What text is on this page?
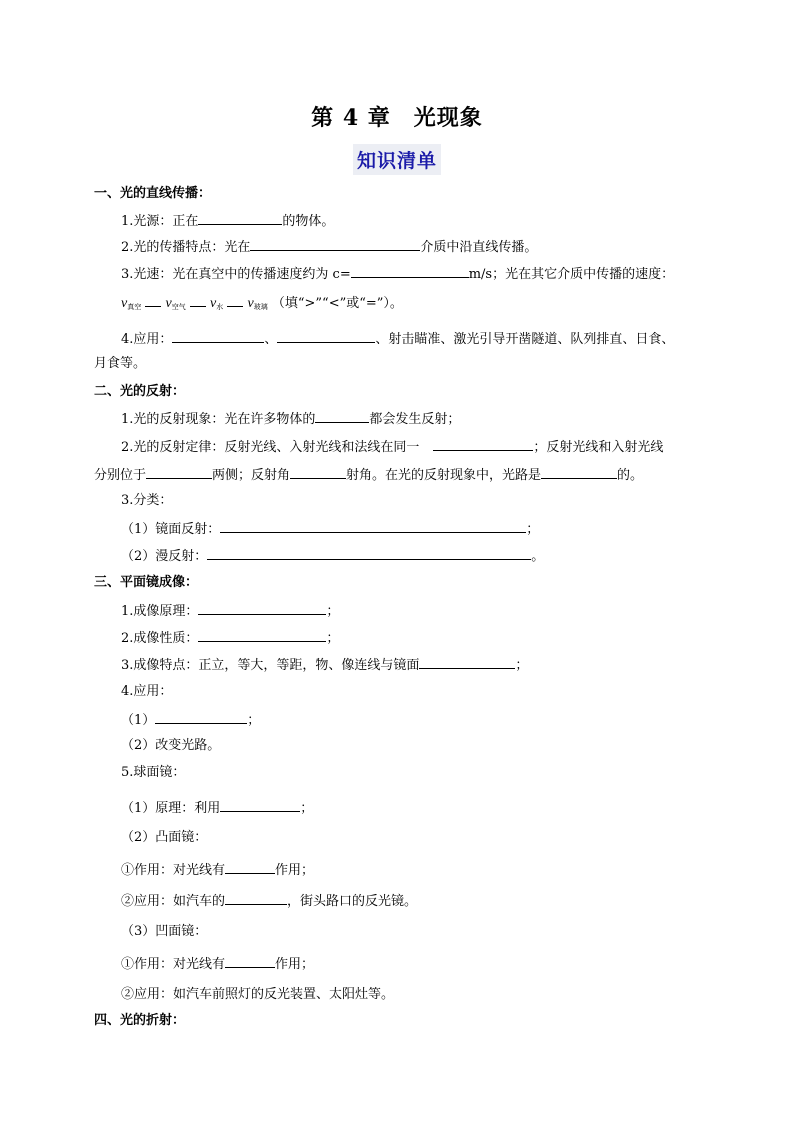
第 4 章　光现象
知识清单
一、光的直线传播：
1.光源：正在	的物体。
2.光的传播特点：光在	介质中沿直线传播。
3.光速：光在真空中的传播速度约为 c=	m/s；光在其它介质中传播的速度：
$v_{真空}$ $v_{空气}$ $v_水$ $v_{玻璃}$ （填“>”“<”或“=”）。
4.应用：	、	、射击瞄准、激光引导开凿隧道、队列排直、日食、
月食等。
二、光的反射：
1.光的反射现象：光在许多物体的	都会发生反射；
2.光的反射定律：反射光线、入射光线和法线在同一	；反射光线和入射光线
分别位于	两侧；反射角	射角。在光的反射现象中，光路是	的。
3.分类：
（1）镜面反射：	；
（2）漫反射：	。
三、平面镜成像：
1.成像原理：	；
2.成像性质：	；
3.成像特点：正立，等大，等距，物、像连线与镜面	；
4.应用：
（1）	；
（2）改变光路。
5.球面镜：
（1）原理：利用	；
（2）凸面镜：
①作用：对光线有	作用；
②应用：如汽车的	，街头路口的反光镜。
（3）凹面镜：
①作用：对光线有	作用；
②应用：如汽车前照灯的反光装置、太阳灶等。
四、光的折射：
